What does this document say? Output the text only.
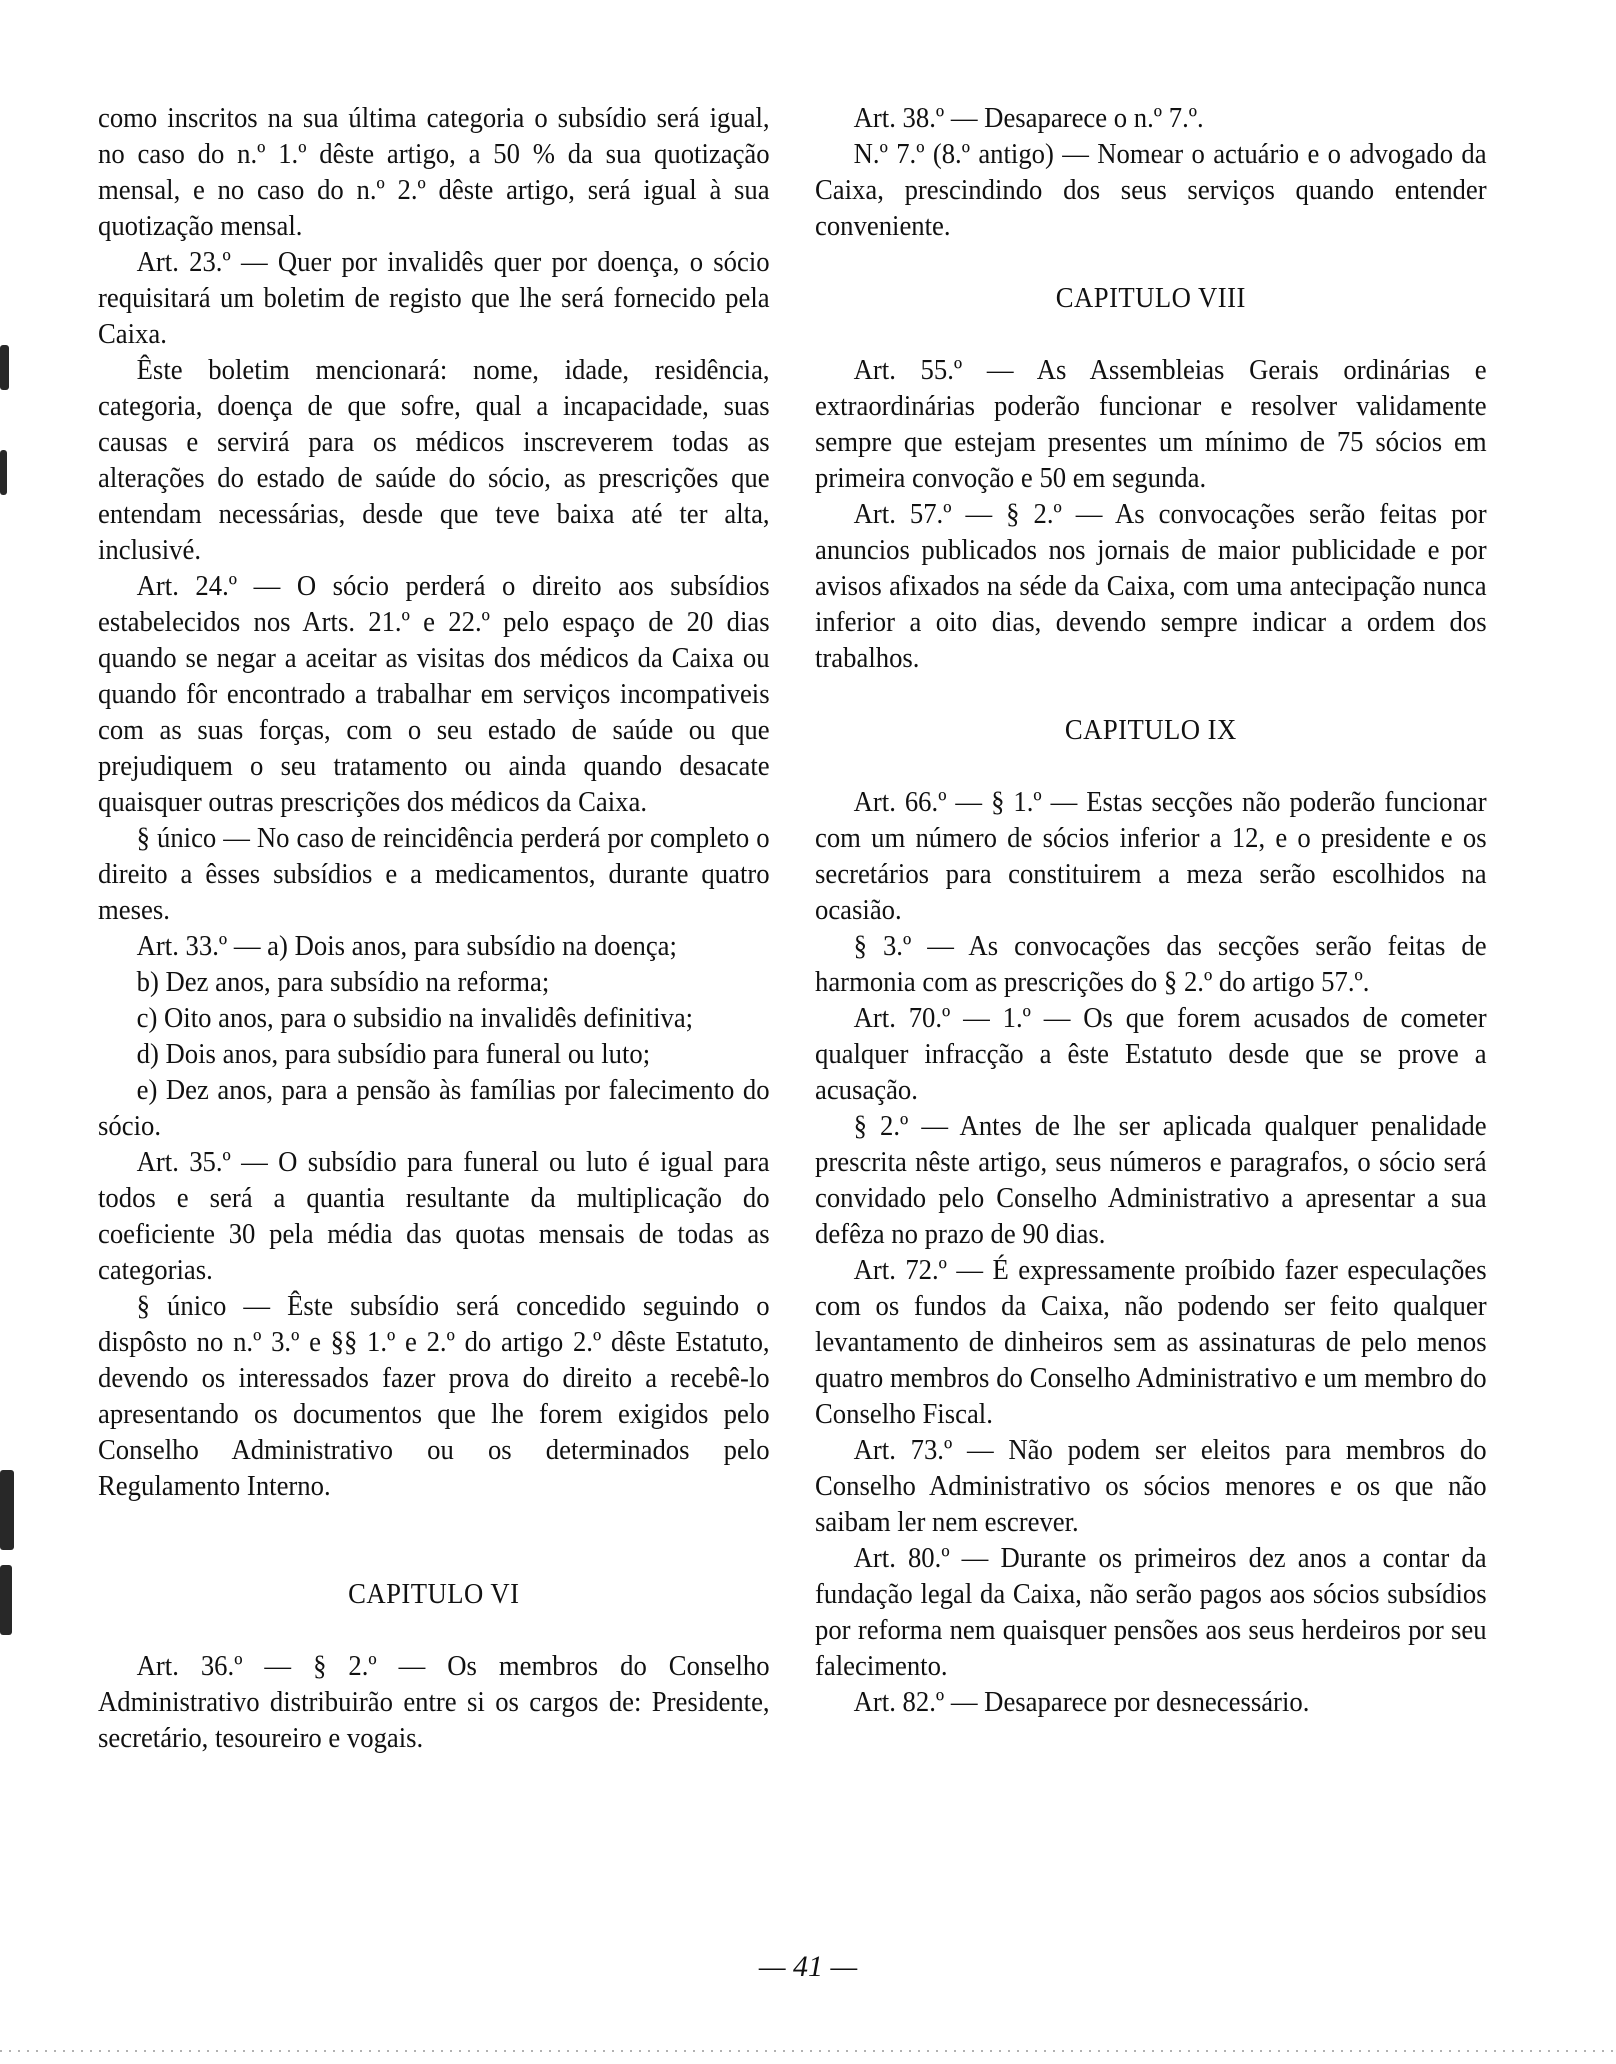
como inscritos na sua última categoria o subsídio será igual, no caso do n.º 1.º dêste artigo, a 50 % da sua quotização mensal, e no caso do n.º 2.º dêste artigo, será igual à sua quotização mensal.

Art. 23.º — Quer por invalidês quer por doença, o sócio requisitará um boletim de registo que lhe será fornecido pela Caixa.

Êste boletim mencionará: nome, idade, residência, categoria, doença de que sofre, qual a incapacidade, suas causas e servirá para os médicos inscreverem todas as alterações do estado de saúde do sócio, as prescrições que entendam necessárias, desde que teve baixa até ter alta, inclusivé.

Art. 24.º — O sócio perderá o direito aos subsídios estabelecidos nos Arts. 21.º e 22.º pelo espaço de 20 dias quando se negar a aceitar as visitas dos médicos da Caixa ou quando fôr encontrado a trabalhar em serviços incompativeis com as suas forças, com o seu estado de saúde ou que prejudiquem o seu tratamento ou ainda quando desacate quaisquer outras prescrições dos médicos da Caixa.

§ único — No caso de reincidência perderá por completo o direito a êsses subsídios e a medicamentos, durante quatro meses.

Art. 33.º — a) Dois anos, para subsídio na doença;

b) Dez anos, para subsídio na reforma;

c) Oito anos, para o subsidio na invalidês definitiva;

d) Dois anos, para subsídio para funeral ou luto;

e) Dez anos, para a pensão às famílias por falecimento do sócio.

Art. 35.º — O subsídio para funeral ou luto é igual para todos e será a quantia resultante da multiplicação do coeficiente 30 pela média das quotas mensais de todas as categorias.

§ único — Êste subsídio será concedido seguindo o dispôsto no n.º 3.º e §§ 1.º e 2.º do artigo 2.º dêste Estatuto, devendo os interessados fazer prova do direito a recebê-lo apresentando os documentos que lhe forem exigidos pelo Conselho Administrativo ou os determinados pelo Regulamento Interno.

CAPITULO VI

Art. 36.º — § 2.º — Os membros do Conselho Administrativo distribuirão entre si os cargos de: Presidente, secretário, tesoureiro e vogais.

Art. 38.º — Desaparece o n.º 7.º.

N.º 7.º (8.º antigo) — Nomear o actuário e o advogado da Caixa, prescindindo dos seus serviços quando entender conveniente.

CAPITULO VIII

Art. 55.º — As Assembleias Gerais ordinárias e extraordinárias poderão funcionar e resolver validamente sempre que estejam presentes um mínimo de 75 sócios em primeira convoção e 50 em segunda.

Art. 57.º — § 2.º — As convocações serão feitas por anuncios publicados nos jornais de maior publicidade e por avisos afixados na séde da Caixa, com uma antecipação nunca inferior a oito dias, devendo sempre indicar a ordem dos trabalhos.

CAPITULO IX

Art. 66.º — § 1.º — Estas secções não poderão funcionar com um número de sócios inferior a 12, e o presidente e os secretários para constituirem a meza serão escolhidos na ocasião.

§ 3.º — As convocações das secções serão feitas de harmonia com as prescrições do § 2.º do artigo 57.º.

Art. 70.º — 1.º — Os que forem acusados de cometer qualquer infracção a êste Estatuto desde que se prove a acusação.

§ 2.º — Antes de lhe ser aplicada qualquer penalidade prescrita nêste artigo, seus números e paragrafos, o sócio será convidado pelo Conselho Administrativo a apresentar a sua defêza no prazo de 90 dias.

Art. 72.º — É expressamente proíbido fazer especulações com os fundos da Caixa, não podendo ser feito qualquer levantamento de dinheiros sem as assinaturas de pelo menos quatro membros do Conselho Administrativo e um membro do Conselho Fiscal.

Art. 73.º — Não podem ser eleitos para membros do Conselho Administrativo os sócios menores e os que não saibam ler nem escrever.

Art. 80.º — Durante os primeiros dez anos a contar da fundação legal da Caixa, não serão pagos aos sócios subsídios por reforma nem quaisquer pensões aos seus herdeiros por seu falecimento.

Art. 82.º — Desaparece por desnecessário.

— 41 —
